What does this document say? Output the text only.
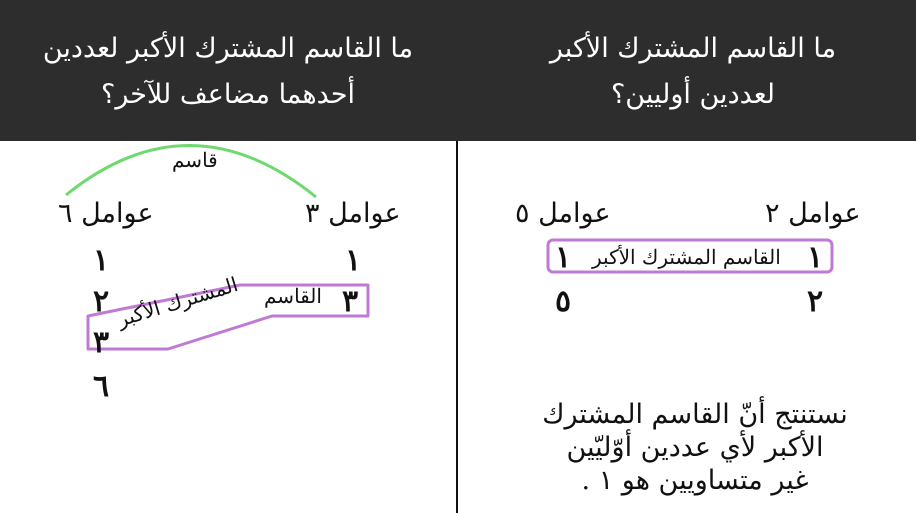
ما القاسم المشترك الأكبر
لعددين أوليين؟
ما القاسم المشترك الأكبر لعددين
أحدهما مضاعف للآخر؟
عوامل ٢
عوامل ٥
١
القاسم المشترك الأكبر
١
٢
٥
نستنتج أنّ القاسم المشترك
الأكبر لأي عددين أوّليّين
غير متساويين هو ١ .
قاسم
عوامل ٣
عوامل ٦
١
١
٣
القاسم
٢ المشترك الأكبر
٣
٦
